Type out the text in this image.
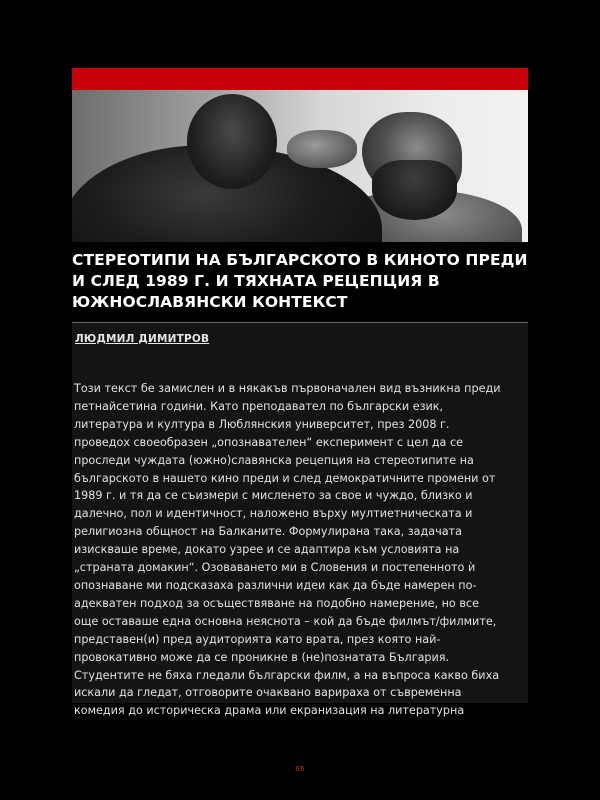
СТЕРЕОТИПИ НА БЪЛГАРСКОТО В КИНОТО ПРЕДИ И СЛЕД 1989 Г. И ТЯХНАТА РЕЦЕПЦИЯ В ЮЖНОСЛАВЯНСКИ КОНТЕКСТ

ЛЮДМИЛ ДИМИТРОВ

Този текст бе замислен и в някакъв първоначален вид възникна преди
петнайсетина години. Като преподавател по български език,
литература и култура в Люблянския университет, през 2008 г.
проведох своеобразен „опознавателен“ експеримент с цел да се
проследи чуждата (южно)славянска рецепция на стереотипите на
българското в нашето кино преди и след демократичните промени от
1989 г. и тя да се съизмери с мисленето за свое и чуждо, близко и
далечно, пол и идентичност, наложено върху мултиетническата и
религиозна общност на Балканите. Формулирана така, задачата
изискваше време, докато узрее и се адаптира към условията на
„страната домакин“. Озоваването ми в Словения и постепенното ѝ
опознаване ми подсказаха различни идеи как да бъде намерен по-
адекватен подход за осъществяване на подобно намерение, но все
още оставаше една основна неяснота – кой да бъде филмът/филмите,
представен(и) пред аудиторията като врата, през която най-
провокативно може да се проникне в (не)познатата България.
Студентите не бяха гледали български филм, а на въпроса какво биха
искали да гледат, отговорите очаквано варираха от съвременна
комедия до историческа драма или екранизация на литературна

86
